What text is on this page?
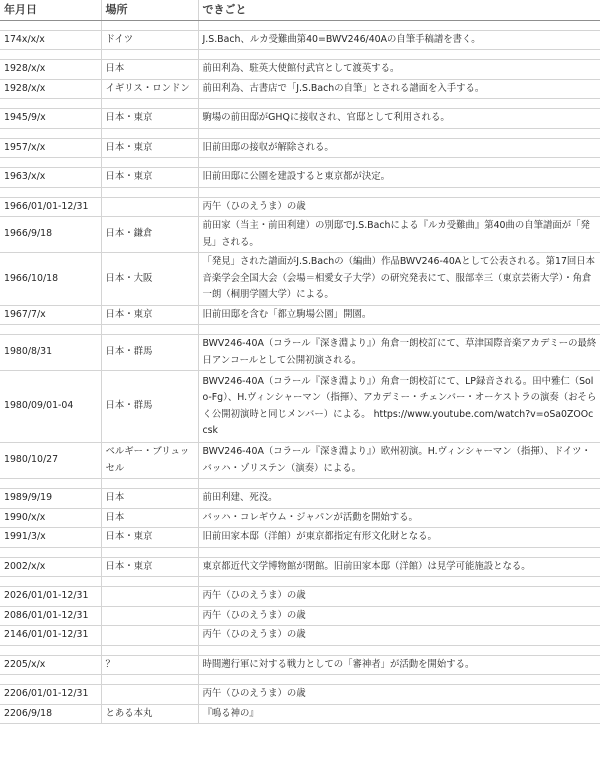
年月日	場所	できごと

174x/x/x	ドイツ	J.S.Bach、ルカ受難曲第40=BWV246/40Aの自筆手稿譜を書く。

1928/x/x	日本	前田利為、駐英大使館付武官として渡英する。
1928/x/x	イギリス・ロンドン	前田利為、古書店で「J.S.Bachの自筆」とされる譜面を入手する。

1945/9/x	日本・東京	駒場の前田邸がGHQに接収され、官邸として利用される。

1957/x/x	日本・東京	旧前田邸の接収が解除される。

1963/x/x	日本・東京	旧前田邸に公園を建設すると東京都が決定。

1966/01/01-12/31		丙午（ひのえうま）の歳
1966/9/18	日本・鎌倉	前田家（当主・前田利建）の別邸でJ.S.Bachによる『ルカ受難曲』第40曲の自筆譜面が「発見」される。
1966/10/18	日本・大阪	「発見」された譜面がJ.S.Bachの（編曲）作品BWV246-40Aとして公表される。第17回日本音楽学会全国大会（会場＝相愛女子大学）の研究発表にて、服部幸三（東京芸術大学）・角倉一朗（桐朋学園大学）による。
1967/7/x	日本・東京	旧前田邸を含む「都立駒場公園」開園。

1980/8/31	日本・群馬	BWV246-40A（コラール『深き淵より』）角倉一朗校訂にて、草津国際音楽アカデミーの最終日アンコールとして公開初演される。
1980/09/01-04	日本・群馬	BWV246-40A（コラール『深き淵より』）角倉一朗校訂にて、LP録音される。田中雅仁（Solo-Fg）、H.ヴィンシャーマン（指揮）、アカデミー・チェンバー・オーケストラの演奏（おそらく公開初演時と同じメンバー）による。 https://www.youtube.com/watch?v=oSa0ZOOccsk
1980/10/27	ベルギー・ブリュッセル	BWV246-40A（コラール『深き淵より』）欧州初演。H.ヴィンシャーマン（指揮）、ドイツ・バッハ・ゾリステン（演奏）による。

1989/9/19	日本	前田利建、死没。
1990/x/x	日本	バッハ・コレギウム・ジャパンが活動を開始する。
1991/3/x	日本・東京	旧前田家本邸（洋館）が東京都指定有形文化財となる。

2002/x/x	日本・東京	東京都近代文学博物館が閉館。旧前田家本邸（洋館）は見学可能施設となる。

2026/01/01-12/31		丙午（ひのえうま）の歳
2086/01/01-12/31		丙午（ひのえうま）の歳
2146/01/01-12/31		丙午（ひのえうま）の歳

2205/x/x	？	時間遡行軍に対する戦力としての「審神者」が活動を開始する。

2206/01/01-12/31		丙午（ひのえうま）の歳
2206/9/18	とある本丸	『鳴る神の』
